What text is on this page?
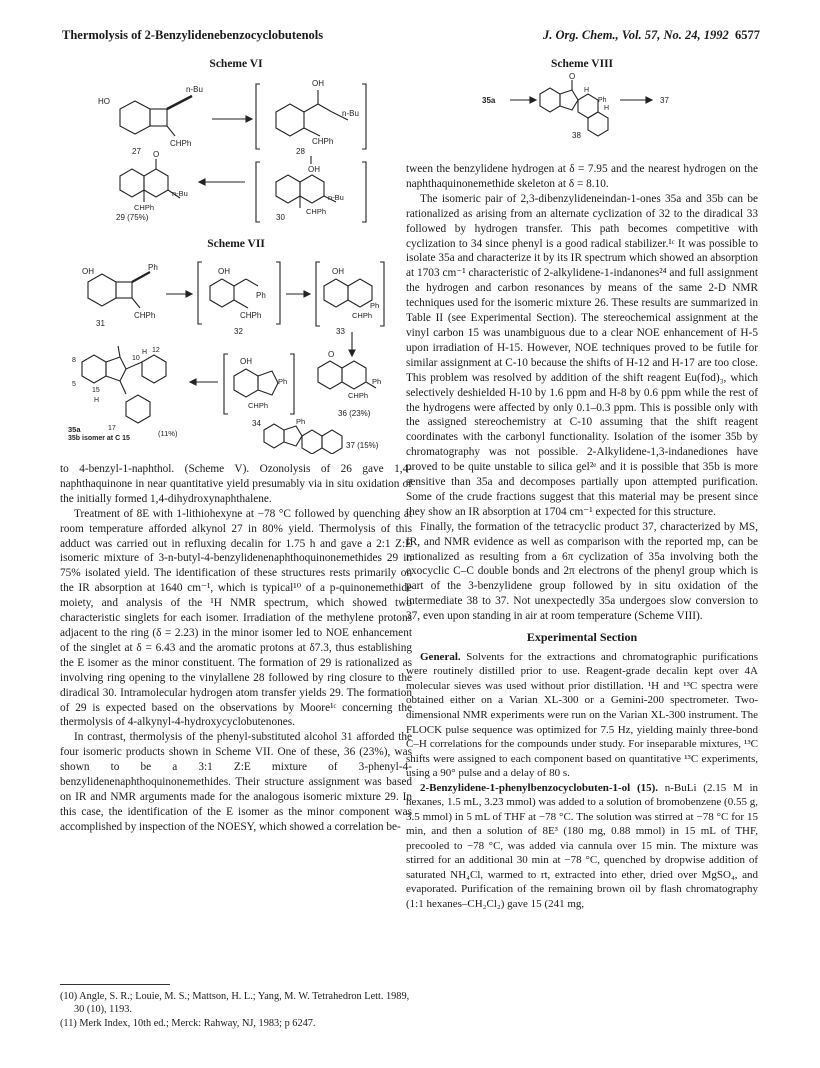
Thermolysis of 2-Benzylidenebenzocyclobutenols	J. Org. Chem., Vol. 57, No. 24, 1992 6577
Scheme VI
HO
n-Bu
CHPh
27
OH
n-Bu
CHPh
28
O
n-Bu
CHPh
29 (75%)
n-Bu
CHPh
30
OH
Scheme VII
OH	Ph
CHPh
31
OH
Ph
CHPh
32
OH
Ph
CHPh
33
8
5
10
12
H
15
H
17
OH
Ph
CHPh
34
O
Ph
CHPh
36 (23%)
Ph
37 (15%)
35a
35b isomer at C 15
(11%)

to 4-benzyl-1-naphthol. (Scheme V). Ozonolysis of 26 gave 1,4-naphthaquinone in near quantitative yield presumably via in situ oxidation of the initially formed 1,4-dihydroxynaphthalene.

Treatment of 8E with 1-lithiohexyne at −78 °C followed by quenching at room temperature afforded alkynol 27 in 80% yield. Thermolysis of this adduct was carried out in refluxing decalin for 1.75 h and gave a 2:1 Z:E isomeric mixture of 3-n-butyl-4-benzylidenenaphthoquinonemethides 29 in 75% isolated yield. The identification of these structures rests primarily on the IR absorption at 1640 cm⁻¹, which is typical¹⁰ of a p-quinonemethide moiety, and analysis of the ¹H NMR spectrum, which showed two characteristic singlets for each isomer. Irradiation of the methylene protons adjacent to the ring (δ = 2.23) in the minor isomer led to NOE enhancement of the singlet at δ = 6.43 and the aromatic protons at δ7.3, thus establishing the E isomer as the minor constituent. The formation of 29 is rationalized as involving ring opening to the vinylallene 28 followed by ring closure to the diradical 30. Intramolecular hydrogen atom transfer yields 29. The formation of 29 is expected based on the observations by Moore¹ᶜ concerning the thermolysis of 4-alkynyl-4-hydroxycyclobutenones.

In contrast, thermolysis of the phenyl-substituted alcohol 31 afforded the four isomeric products shown in Scheme VII. One of these, 36 (23%), was shown to be a 3:1 Z:E mixture of 3-phenyl-4-benzylidenenaphthoquinonemethides. Their structure assignment was based on IR and NMR arguments made for the analogous isomeric mixture 29. In this case, the identification of the E isomer as the minor component was accomplished by inspection of the NOESY, which showed a correlation be-

(10) Angle, S. R.; Louie, M. S.; Mattson, H. L.; Yang, M. W. Tetrahedron Lett. 1989, 30 (10), 1193.
(11) Merk Index, 10th ed.; Merck: Rahway, NJ, 1983; p 6247.
Scheme VIII
35a
O
H
Ph
H
38
37

tween the benzylidene hydrogen at δ = 7.95 and the nearest hydrogen on the naphthaquinonemethide skeleton at δ = 8.10.

The isomeric pair of 2,3-dibenzylideneindan-1-ones 35a and 35b can be rationalized as arising from an alternate cyclization of 32 to the diradical 33 followed by hydrogen transfer. This path becomes competitive with cyclization to 34 since phenyl is a good radical stabilizer.¹ᶜ It was possible to isolate 35a and characterize it by its IR spectrum which showed an absorption at 1703 cm⁻¹ characteristic of 2-alkylidene-1-indanones²⁴ and full assignment the hydrogen and carbon resonances by means of the same 2-D NMR techniques used for the isomeric mixture 26. These results are summarized in Table II (see Experimental Section). The stereochemical assignment at the vinyl carbon 15 was unambiguous due to a clear NOE enhancement of H-5 upon irradiation of H-15. However, NOE techniques proved to be futile for similar assignment at C-10 because the shifts of H-12 and H-17 are too close. This problem was resolved by addition of the shift reagent Eu(fod)₃, which selectively deshielded H-10 by 1.6 ppm and H-8 by 0.6 ppm while the rest of the hydrogens were affected by only 0.1–0.3 ppm. This is possible only with the assigned stereochemistry at C-10 assuming that the shift reagent coordinates with the carbonyl functionality. Isolation of the isomer 35b by chromatography was not possible. 2-Alkylidene-1,3-indanediones have proved to be quite unstable to silica gel²ᵉ and it is possible that 35b is more sensitive than 35a and decomposes partially upon attempted purification. Some of the crude fractions suggest that this material may be present since they show an IR absorption at 1704 cm⁻¹ expected for this structure.

Finally, the formation of the tetracyclic product 37, characterized by MS, IR, and NMR evidence as well as comparison with the reported mp, can be rationalized as resulting from a 6π cyclization of 35a involving both the exocyclic C–C double bonds and 2π electrons of the phenyl group which is part of the 3-benzylidene group followed by in situ oxidation of the intermediate 38 to 37. Not unexpectedly 35a undergoes slow conversion to 37, even upon standing in air at room temperature (Scheme VIII).

Experimental Section

General. Solvents for the extractions and chromatographic purifications were routinely distilled prior to use. Reagent-grade decalin kept over 4A molecular sieves was used without prior distillation. ¹H and ¹³C spectra were obtained either on a Varian XL-300 or a Gemini-200 spectrometer. Two-dimensional NMR experiments were run on the Varian XL-300 instrument. The FLOCK pulse sequence was optimized for 7.5 Hz, yielding mainly three-bond C–H correlations for the compounds under study. For inseparable mixtures, ¹³C shifts were assigned to each component based on quantitative ¹³C experiments, using a 90° pulse and a delay of 80 s.

2-Benzylidene-1-phenylbenzocyclobuten-1-ol (15). n-BuLi (2.15 M in hexanes, 1.5 mL, 3.23 mmol) was added to a solution of bromobenzene (0.55 g, 3.5 mmol) in 5 mL of THF at −78 °C. The solution was stirred at −78 °C for 15 min, and then a solution of 8E³ (180 mg, 0.88 mmol) in 15 mL of THF, precooled to −78 °C, was added via cannula over 15 min. The mixture was stirred for an additional 30 min at −78 °C, quenched by dropwise addition of saturated NH₄Cl, warmed to rt, extracted into ether, dried over MgSO₄, and evaporated. Purification of the remaining brown oil by flash chromatography (1:1 hexanes–CH₂Cl₂) gave 15 (241 mg,
